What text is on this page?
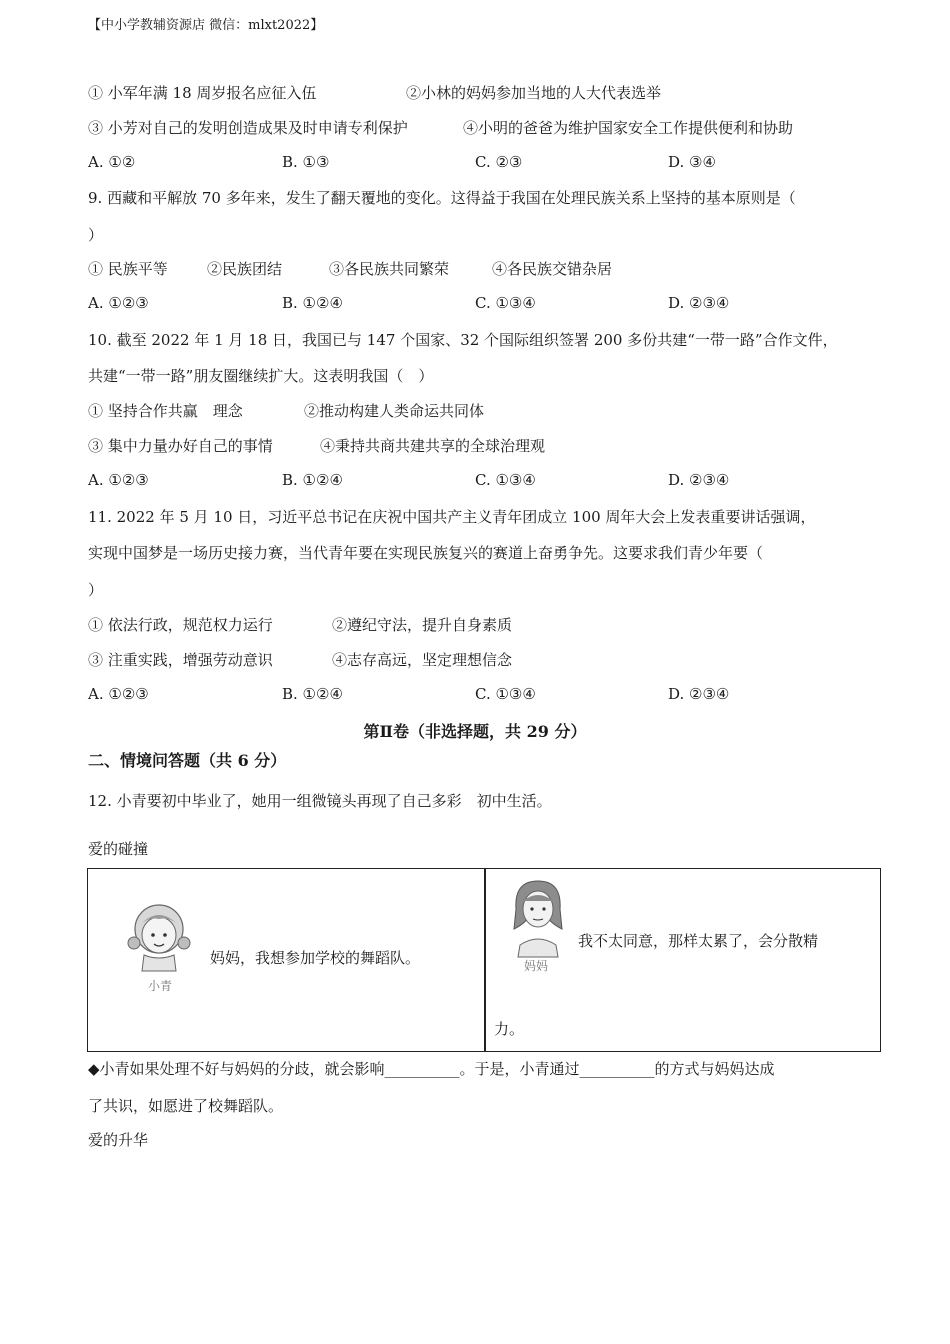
【中小学教辅资源店 微信：mlxt2022】
① 小军年满 18 周岁报名应征入伍	②小林的妈妈参加当地的人大代表选举
③ 小芳对自己的发明创造成果及时申请专利保护	④小明的爸爸为维护国家安全工作提供便利和协助
A. ①②	B. ①③	C. ②③	D. ③④
9. 西藏和平解放 70 多年来，发生了翻天覆地的变化。这得益于我国在处理民族关系上坚持的基本原则是（
）
① 民族平等	②民族团结	③各民族共同繁荣	④各民族交错杂居
A. ①②③	B. ①②④	C. ①③④	D. ②③④
10. 截至 2022 年 1 月 18 日，我国已与 147 个国家、32 个国际组织签署 200 多份共建“一带一路”合作文件，
共建“一带一路”朋友圈继续扩大。这表明我国（　）
① 坚持合作共赢　理念	②推动构建人类命运共同体
③ 集中力量办好自己的事情	④秉持共商共建共享的全球治理观
A. ①②③	B. ①②④	C. ①③④	D. ②③④
11. 2022 年 5 月 10 日，习近平总书记在庆祝中国共产主义青年团成立 100 周年大会上发表重要讲话强调，
实现中国梦是一场历史接力赛，当代青年要在实现民族复兴的赛道上奋勇争先。这要求我们青少年要（
）
① 依法行政，规范权力运行	②遵纪守法，提升自身素质
③ 注重实践，增强劳动意识	④志存高远，坚定理想信念
A. ①②③	B. ①②④	C. ①③④	D. ②③④
第Ⅱ卷（非选择题，共 29 分）
二、情境问答题（共 6 分）
12. 小青要初中毕业了，她用一组微镜头再现了自己多彩　初中生活。
爱的碰撞
小青
妈妈，我想参加学校的舞蹈队。	妈妈
我不太同意，那样太累了，会分散精
力。
◆小青如果处理不好与妈妈的分歧，就会影响__________。于是，小青通过__________的方式与妈妈达成
了共识，如愿进了校舞蹈队。
爱的升华
